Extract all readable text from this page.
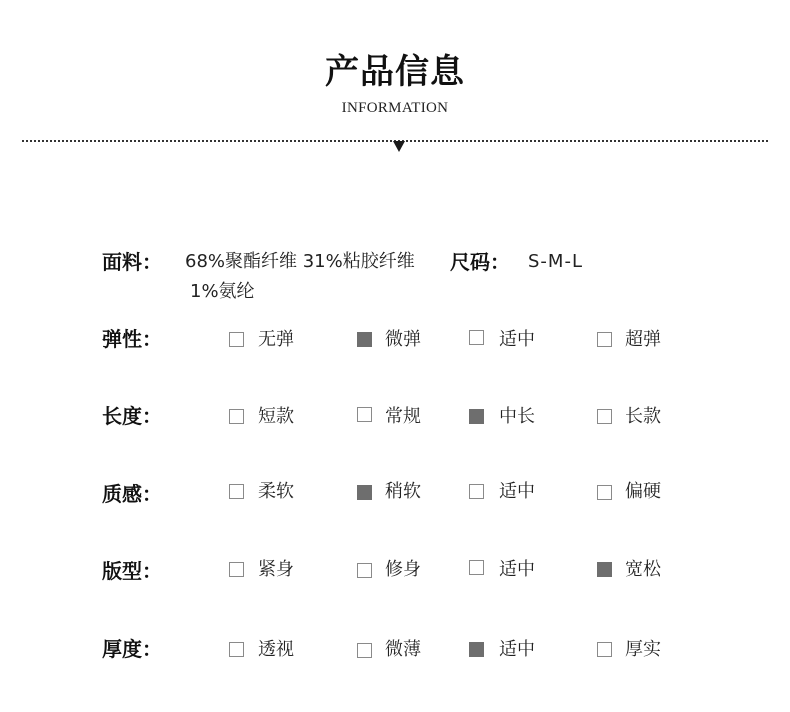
产品信息
INFORMATION
面料： 68%聚酯纤维 31%粘胶纤维
1%氨纶
尺码： S-M-L
弹性：	无弹	微弹	适中	超弹
长度：	短款	常规	中长	长款
质感：	柔软	稍软	适中	偏硬
版型：	紧身	修身	适中	宽松
厚度：	透视	微薄	适中	厚实
